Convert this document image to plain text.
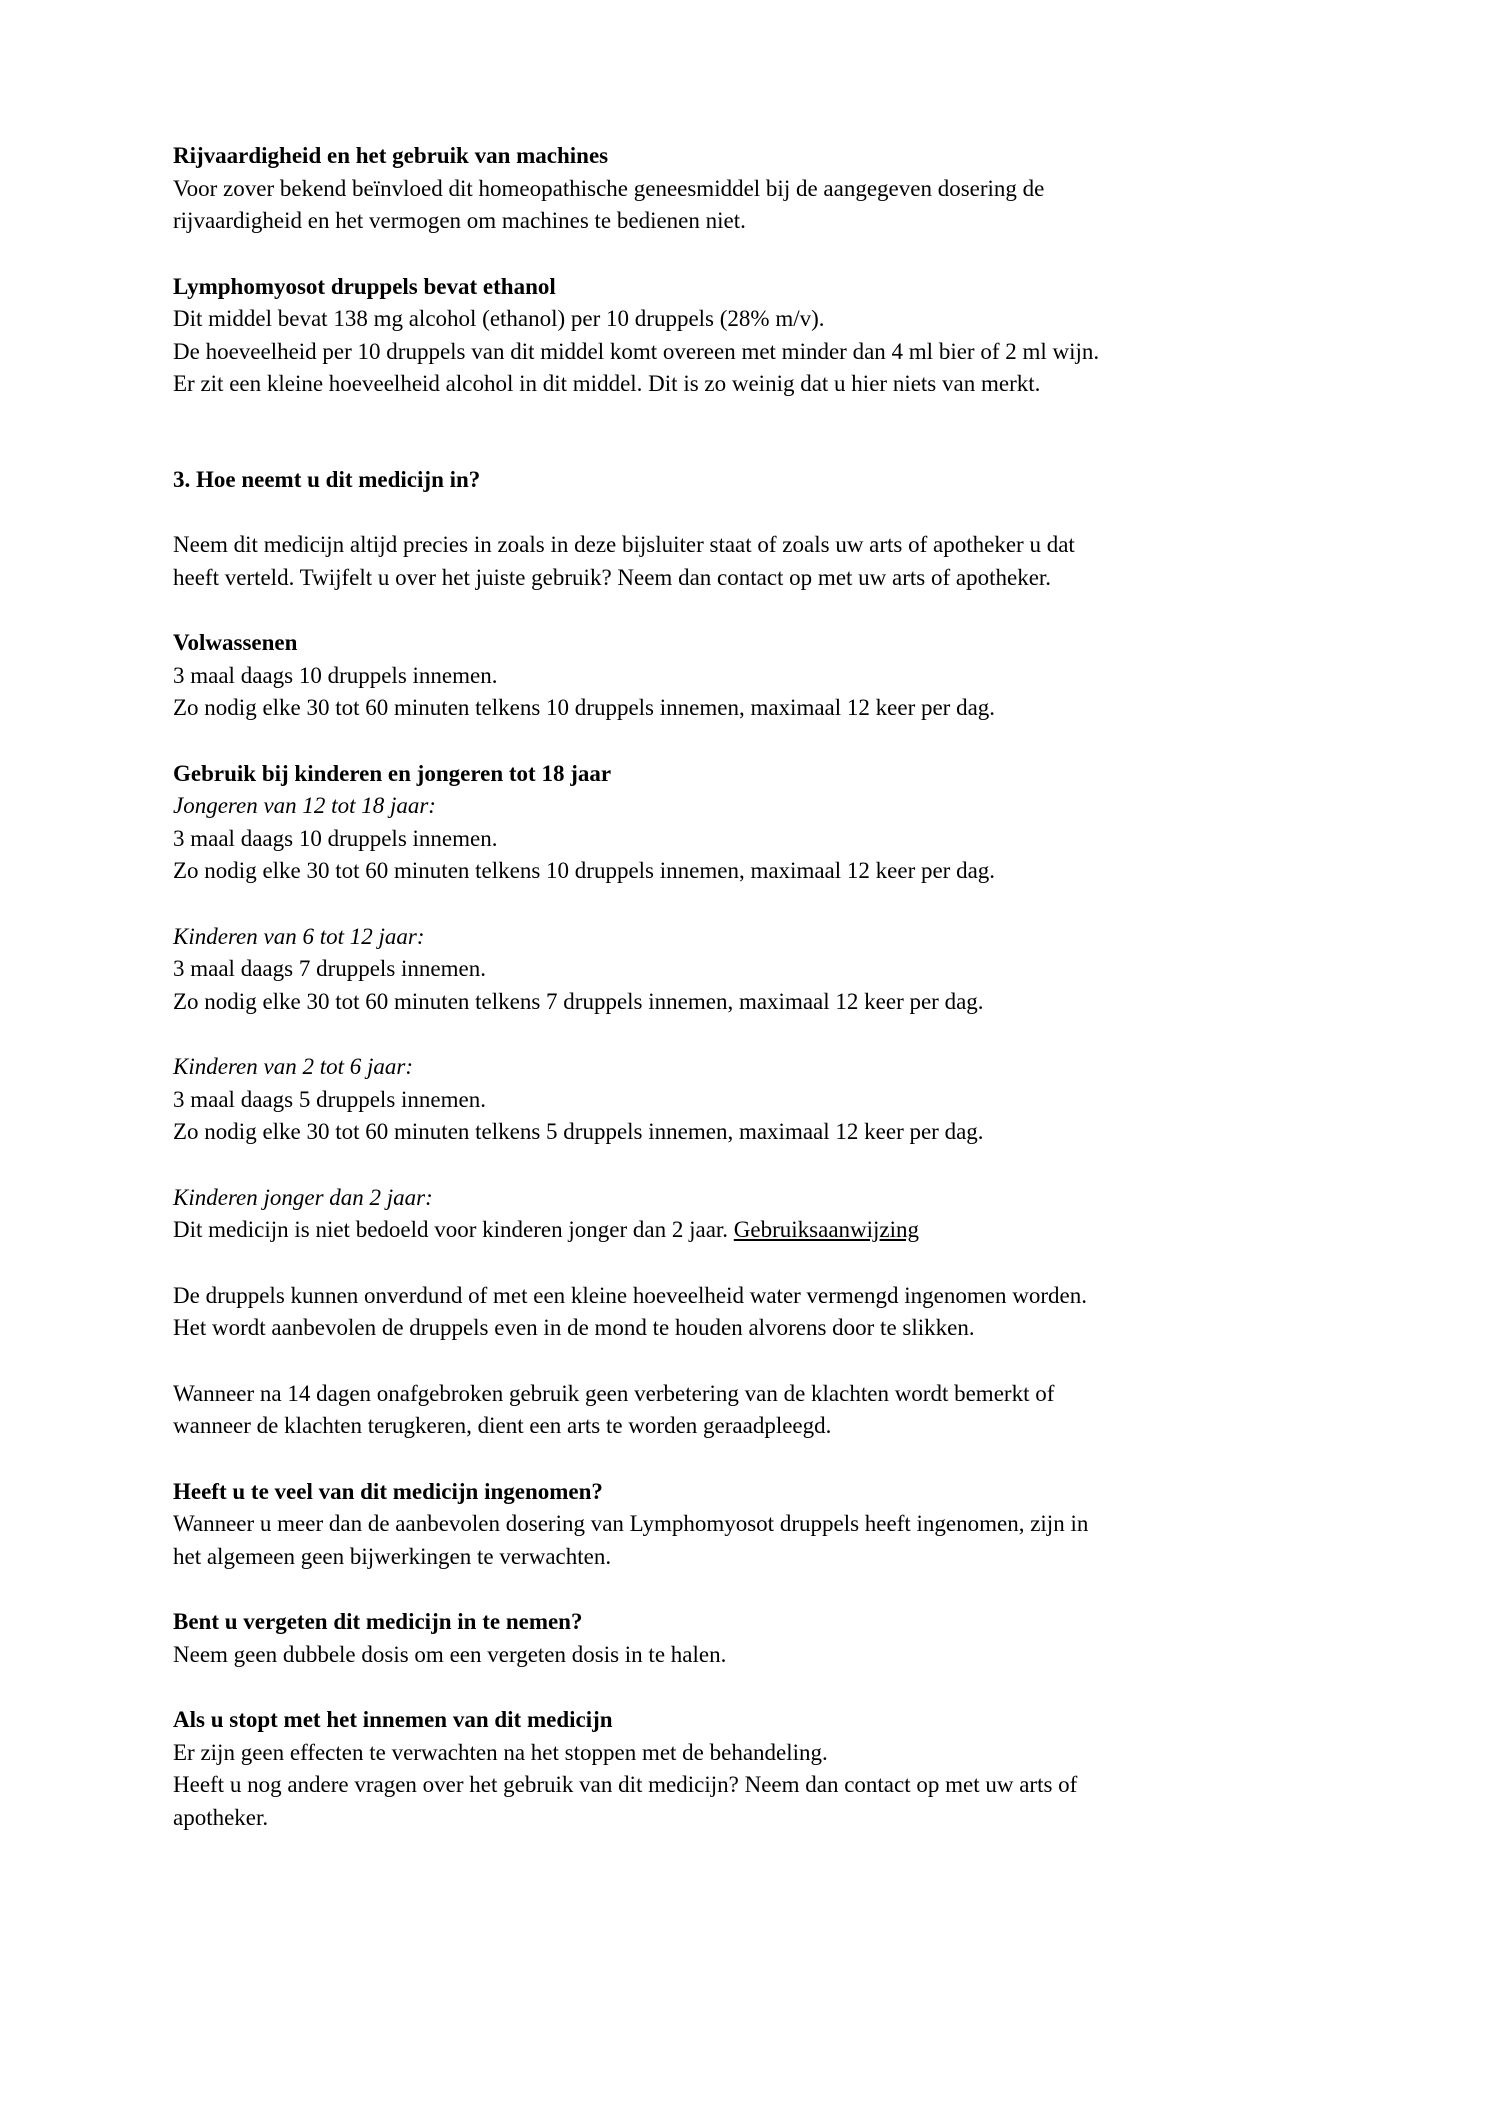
Rijvaardigheid en het gebruik van machines
Voor zover bekend beïnvloed dit homeopathische geneesmiddel bij de aangegeven dosering de
rijvaardigheid en het vermogen om machines te bedienen niet.
Lymphomyosot druppels bevat ethanol
Dit middel bevat 138 mg alcohol (ethanol) per 10 druppels (28% m/v).
De hoeveelheid per 10 druppels van dit middel komt overeen met minder dan 4 ml bier of 2 ml wijn.
Er zit een kleine hoeveelheid alcohol in dit middel. Dit is zo weinig dat u hier niets van merkt.
3. Hoe neemt u dit medicijn in?
Neem dit medicijn altijd precies in zoals in deze bijsluiter staat of zoals uw arts of apotheker u dat
heeft verteld. Twijfelt u over het juiste gebruik? Neem dan contact op met uw arts of apotheker.
Volwassenen
3 maal daags 10 druppels innemen.
Zo nodig elke 30 tot 60 minuten telkens 10 druppels innemen, maximaal 12 keer per dag.
Gebruik bij kinderen en jongeren tot 18 jaar
Jongeren van 12 tot 18 jaar:
3 maal daags 10 druppels innemen.
Zo nodig elke 30 tot 60 minuten telkens 10 druppels innemen, maximaal 12 keer per dag.
Kinderen van 6 tot 12 jaar:
3 maal daags 7 druppels innemen.
Zo nodig elke 30 tot 60 minuten telkens 7 druppels innemen, maximaal 12 keer per dag.
Kinderen van 2 tot 6 jaar:
3 maal daags 5 druppels innemen.
Zo nodig elke 30 tot 60 minuten telkens 5 druppels innemen, maximaal 12 keer per dag.
Kinderen jonger dan 2 jaar:
Dit medicijn is niet bedoeld voor kinderen jonger dan 2 jaar. Gebruiksaanwijzing
De druppels kunnen onverdund of met een kleine hoeveelheid water vermengd ingenomen worden.
Het wordt aanbevolen de druppels even in de mond te houden alvorens door te slikken.
Wanneer na 14 dagen onafgebroken gebruik geen verbetering van de klachten wordt bemerkt of
wanneer de klachten terugkeren, dient een arts te worden geraadpleegd.
Heeft u te veel van dit medicijn ingenomen?
Wanneer u meer dan de aanbevolen dosering van Lymphomyosot druppels heeft ingenomen, zijn in
het algemeen geen bijwerkingen te verwachten.
Bent u vergeten dit medicijn in te nemen?
Neem geen dubbele dosis om een vergeten dosis in te halen.
Als u stopt met het innemen van dit medicijn
Er zijn geen effecten te verwachten na het stoppen met de behandeling.
Heeft u nog andere vragen over het gebruik van dit medicijn? Neem dan contact op met uw arts of
apotheker.
